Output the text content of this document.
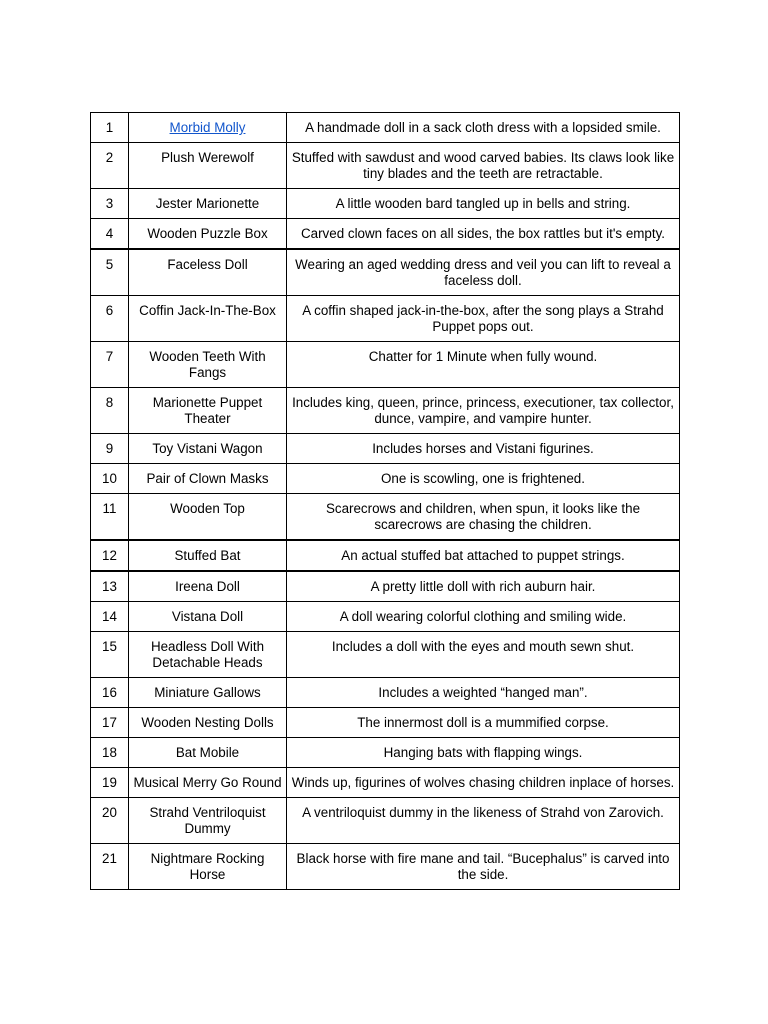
1	Morbid Molly	A handmade doll in a sack cloth dress with a lopsided smile.
2	Plush Werewolf	Stuffed with sawdust and wood carved babies. Its claws look like tiny blades and the teeth are retractable.
3	Jester Marionette	A little wooden bard tangled up in bells and string.
4	Wooden Puzzle Box	Carved clown faces on all sides, the box rattles but it's empty.
5	Faceless Doll	Wearing an aged wedding dress and veil you can lift to reveal a faceless doll.
6	Coffin Jack-In-The-Box	A coffin shaped jack-in-the-box, after the song plays a Strahd Puppet pops out.
7	Wooden Teeth With Fangs	Chatter for 1 Minute when fully wound.
8	Marionette Puppet Theater	Includes king, queen, prince, princess, executioner, tax collector, dunce, vampire, and vampire hunter.
9	Toy Vistani Wagon	Includes horses and Vistani figurines.
10	Pair of Clown Masks	One is scowling, one is frightened.
11	Wooden Top	Scarecrows and children, when spun, it looks like the scarecrows are chasing the children.
12	Stuffed Bat	An actual stuffed bat attached to puppet strings.
13	Ireena Doll	A pretty little doll with rich auburn hair.
14	Vistana Doll	A doll wearing colorful clothing and smiling wide.
15	Headless Doll With Detachable Heads	Includes a doll with the eyes and mouth sewn shut.
16	Miniature Gallows	Includes a weighted “hanged man”.
17	Wooden Nesting Dolls	The innermost doll is a mummified corpse.
18	Bat Mobile	Hanging bats with flapping wings.
19	Musical Merry Go Round	Winds up, figurines of wolves chasing children inplace of horses.
20	Strahd Ventriloquist Dummy	A ventriloquist dummy in the likeness of Strahd von Zarovich.
21	Nightmare Rocking Horse	Black horse with fire mane and tail. “Bucephalus” is carved into the side.
